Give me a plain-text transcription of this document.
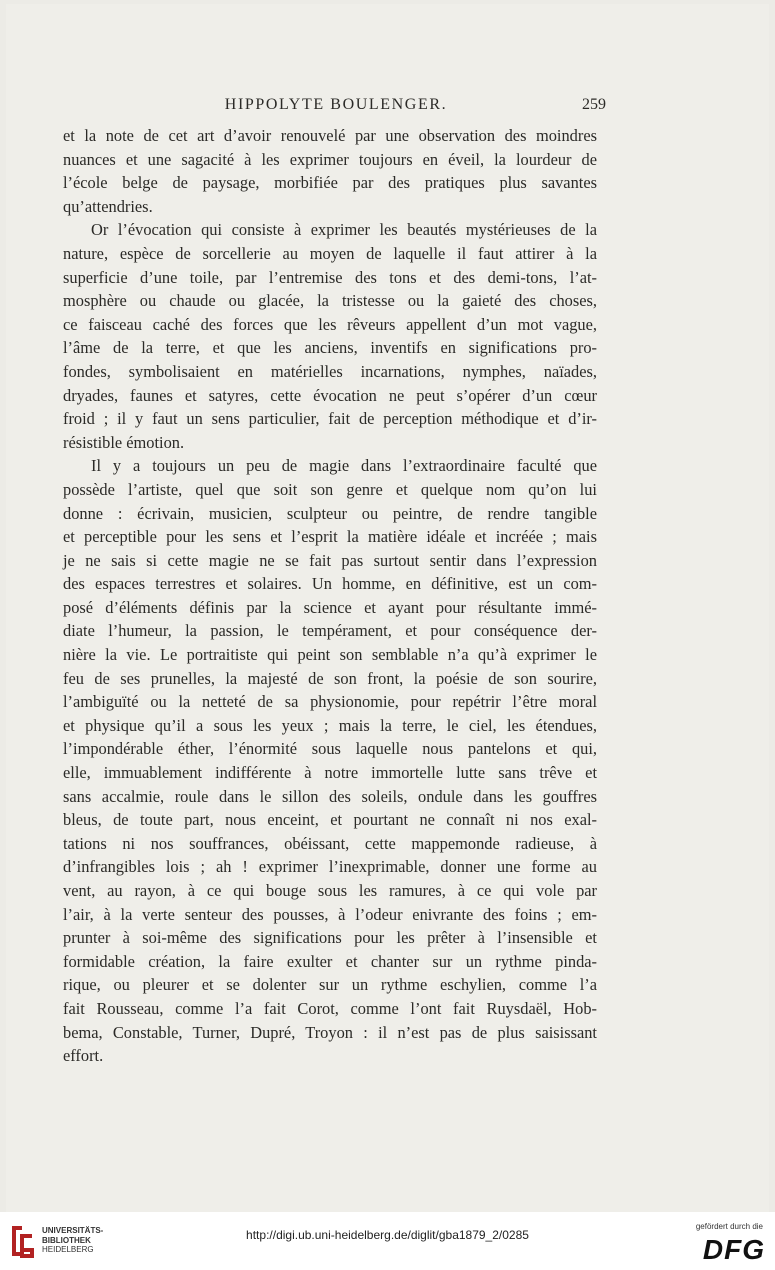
HIPPOLYTE BOULENGER.	259
et la note de cet art d’avoir renouvelé par une observation des moindres
nuances et une sagacité à les exprimer toujours en éveil, la lourdeur de
l’école belge de paysage, morbifiée par des pratiques plus savantes
qu’attendries.
Or l’évocation qui consiste à exprimer les beautés mystérieuses de la
nature, espèce de sorcellerie au moyen de laquelle il faut attirer à la
superficie d’une toile, par l’entremise des tons et des demi-tons, l’at-
mosphère ou chaude ou glacée, la tristesse ou la gaieté des choses,
ce faisceau caché des forces que les rêveurs appellent d’un mot vague,
l’âme de la terre, et que les anciens, inventifs en significations pro-
fondes, symbolisaient en matérielles incarnations, nymphes, naïades,
dryades, faunes et satyres, cette évocation ne peut s’opérer d’un cœur
froid ; il y faut un sens particulier, fait de perception méthodique et d’ir-
résistible émotion.
Il y a toujours un peu de magie dans l’extraordinaire faculté que
possède l’artiste, quel que soit son genre et quelque nom qu’on lui
donne : écrivain, musicien, sculpteur ou peintre, de rendre tangible
et perceptible pour les sens et l’esprit la matière idéale et incréée ; mais
je ne sais si cette magie ne se fait pas surtout sentir dans l’expression
des espaces terrestres et solaires. Un homme, en définitive, est un com-
posé d’éléments définis par la science et ayant pour résultante immé-
diate l’humeur, la passion, le tempérament, et pour conséquence der-
nière la vie. Le portraitiste qui peint son semblable n’a qu’à exprimer le
feu de ses prunelles, la majesté de son front, la poésie de son sourire,
l’ambiguïté ou la netteté de sa physionomie, pour repétrir l’être moral
et physique qu’il a sous les yeux ; mais la terre, le ciel, les étendues,
l’impondérable éther, l’énormité sous laquelle nous pantelons et qui,
elle, immuablement indifférente à notre immortelle lutte sans trêve et
sans accalmie, roule dans le sillon des soleils, ondule dans les gouffres
bleus, de toute part, nous enceint, et pourtant ne connaît ni nos exal-
tations ni nos souffrances, obéissant, cette mappemonde radieuse, à
d’infrangibles lois ; ah ! exprimer l’inexprimable, donner une forme au
vent, au rayon, à ce qui bouge sous les ramures, à ce qui vole par
l’air, à la verte senteur des pousses, à l’odeur enivrante des foins ; em-
prunter à soi-même des significations pour les prêter à l’insensible et
formidable création, la faire exulter et chanter sur un rythme pinda-
rique, ou pleurer et se dolenter sur un rythme eschylien, comme l’a
fait Rousseau, comme l’a fait Corot, comme l’ont fait Ruysdaël, Hob-
bema, Constable, Turner, Dupré, Troyon : il n’est pas de plus saisissant
effort.
UNIVERSITÄTS-
BIBLIOTHEK
HEIDELBERG
http://digi.ub.uni-heidelberg.de/diglit/gba1879_2/0285
gefördert durch die
DFG
